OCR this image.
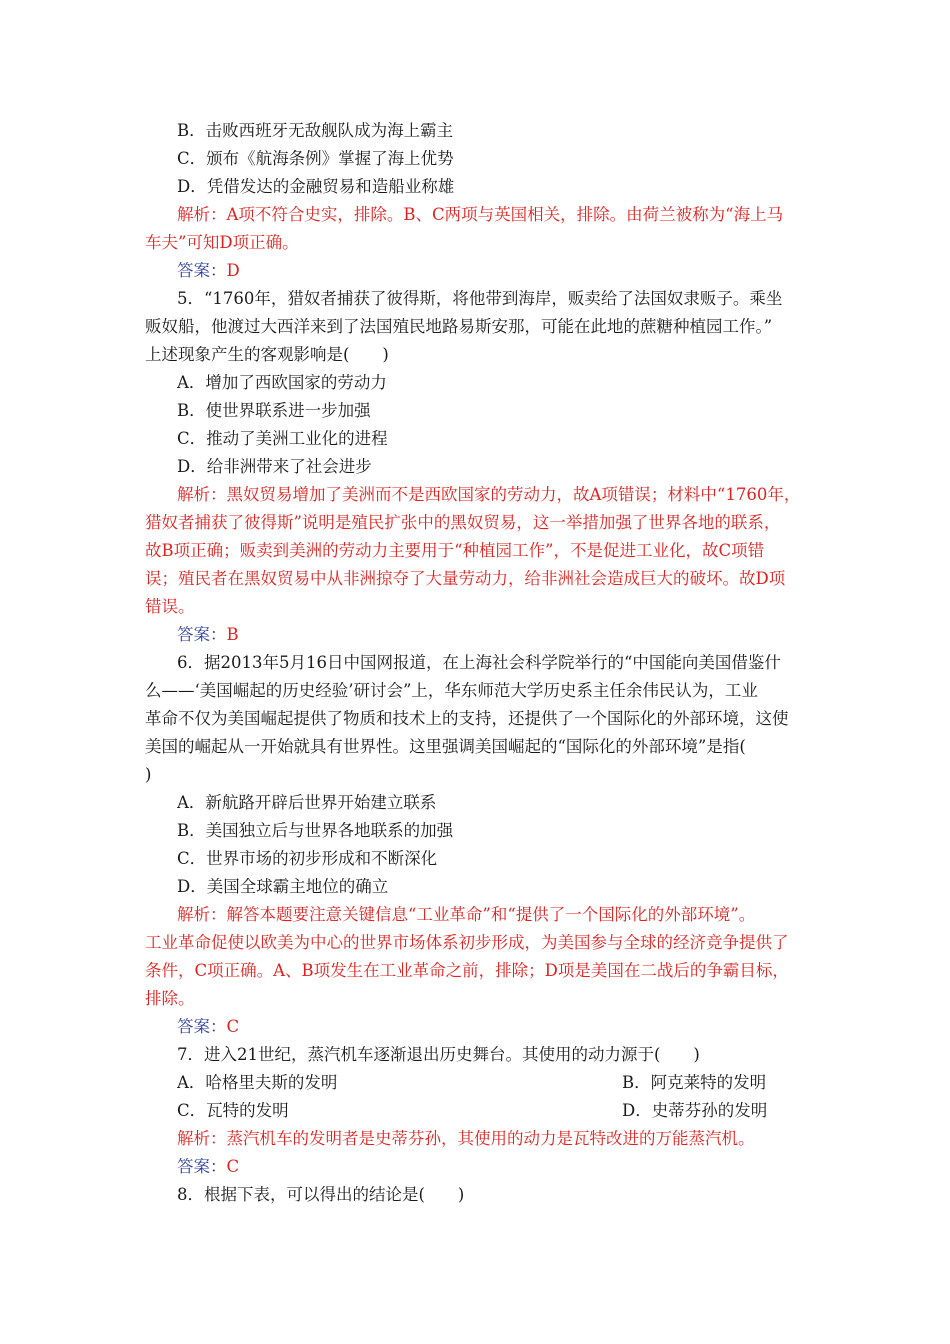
B．击败西班牙无敌舰队成为海上霸主
C．颁布《航海条例》掌握了海上优势
D．凭借发达的金融贸易和造船业称雄
解析：A项不符合史实，排除。B、C两项与英国相关，排除。由荷兰被称为“海上马
车夫”可知D项正确。
答案：D
5．“1760年，猎奴者捕获了彼得斯，将他带到海岸，贩卖给了法国奴隶贩子。乘坐
贩奴船，他渡过大西洋来到了法国殖民地路易斯安那，可能在此地的蔗糖种植园工作。”
上述现象产生的客观影响是(　　)
A．增加了西欧国家的劳动力
B．使世界联系进一步加强
C．推动了美洲工业化的进程
D．给非洲带来了社会进步
解析：黑奴贸易增加了美洲而不是西欧国家的劳动力，故A项错误；材料中“1760年，
猎奴者捕获了彼得斯”说明是殖民扩张中的黑奴贸易，这一举措加强了世界各地的联系，
故B项正确；贩卖到美洲的劳动力主要用于“种植园工作”，不是促进工业化，故C项错
误；殖民者在黑奴贸易中从非洲掠夺了大量劳动力，给非洲社会造成巨大的破坏。故D项
错误。
答案：B
6．据2013年5月16日中国网报道，在上海社会科学院举行的“中国能向美国借鉴什
么——‘美国崛起的历史经验’研讨会”上，华东师范大学历史系主任余伟民认为，工业
革命不仅为美国崛起提供了物质和技术上的支持，还提供了一个国际化的外部环境，这使
美国的崛起从一开始就具有世界性。这里强调美国崛起的“国际化的外部环境”是指(
)
A．新航路开辟后世界开始建立联系
B．美国独立后与世界各地联系的加强
C．世界市场的初步形成和不断深化
D．美国全球霸主地位的确立
解析：解答本题要注意关键信息“工业革命”和“提供了一个国际化的外部环境”。
工业革命促使以欧美为中心的世界市场体系初步形成，为美国参与全球的经济竞争提供了
条件，C项正确。A、B项发生在工业革命之前，排除；D项是美国在二战后的争霸目标，
排除。
答案：C
7．进入21世纪，蒸汽机车逐渐退出历史舞台。其使用的动力源于(　　)
A．哈格里夫斯的发明	B．阿克莱特的发明
C．瓦特的发明	D．史蒂芬孙的发明
解析：蒸汽机车的发明者是史蒂芬孙，其使用的动力是瓦特改进的万能蒸汽机。
答案：C
8．根据下表，可以得出的结论是(　　)
